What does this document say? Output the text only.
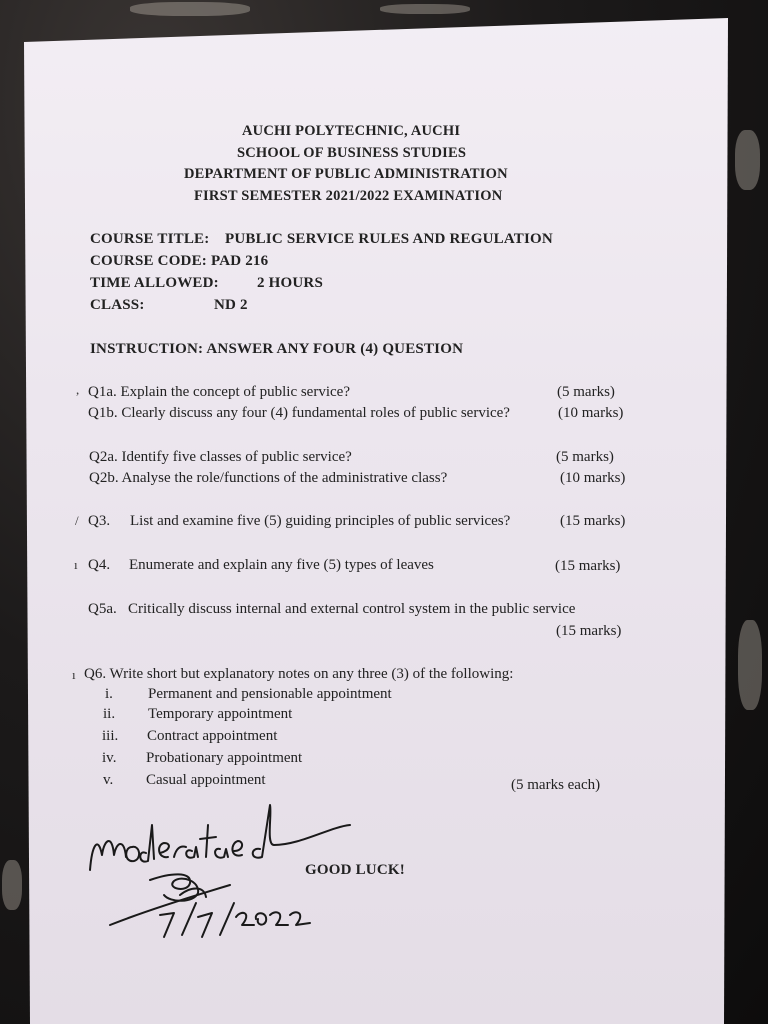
AUCHI POLYTECHNIC, AUCHI
SCHOOL OF BUSINESS STUDIES
DEPARTMENT OF PUBLIC ADMINISTRATION
FIRST SEMESTER 2021/2022 EXAMINATION
COURSE TITLE: PUBLIC SERVICE RULES AND REGULATION
COURSE CODE: PAD 216
TIME ALLOWED:	2 HOURS
CLASS:	ND 2
INSTRUCTION: ANSWER ANY FOUR (4) QUESTION
,
/
ı
ı
Q1a. Explain the concept of public service?	(5 marks)
Q1b. Clearly discuss any four (4) fundamental roles of public service?	(10 marks)
Q2a. Identify five classes of public service?	(5 marks)
Q2b. Analyse the role/functions of the administrative class?	(10 marks)
Q3. List and examine five (5) guiding principles of public services?	(15 marks)
Q4. Enumerate and explain any five (5) types of leaves	(15 marks)
Q5a. Critically discuss internal and external control system in the public service
(15 marks)
Q6. Write short but explanatory notes on any three (3) of the following:
i. Permanent and pensionable appointment
ii. Temporary appointment
iii. Contract appointment
iv. Probationary appointment
v. Casual appointment	(5 marks each)
GOOD LUCK!
